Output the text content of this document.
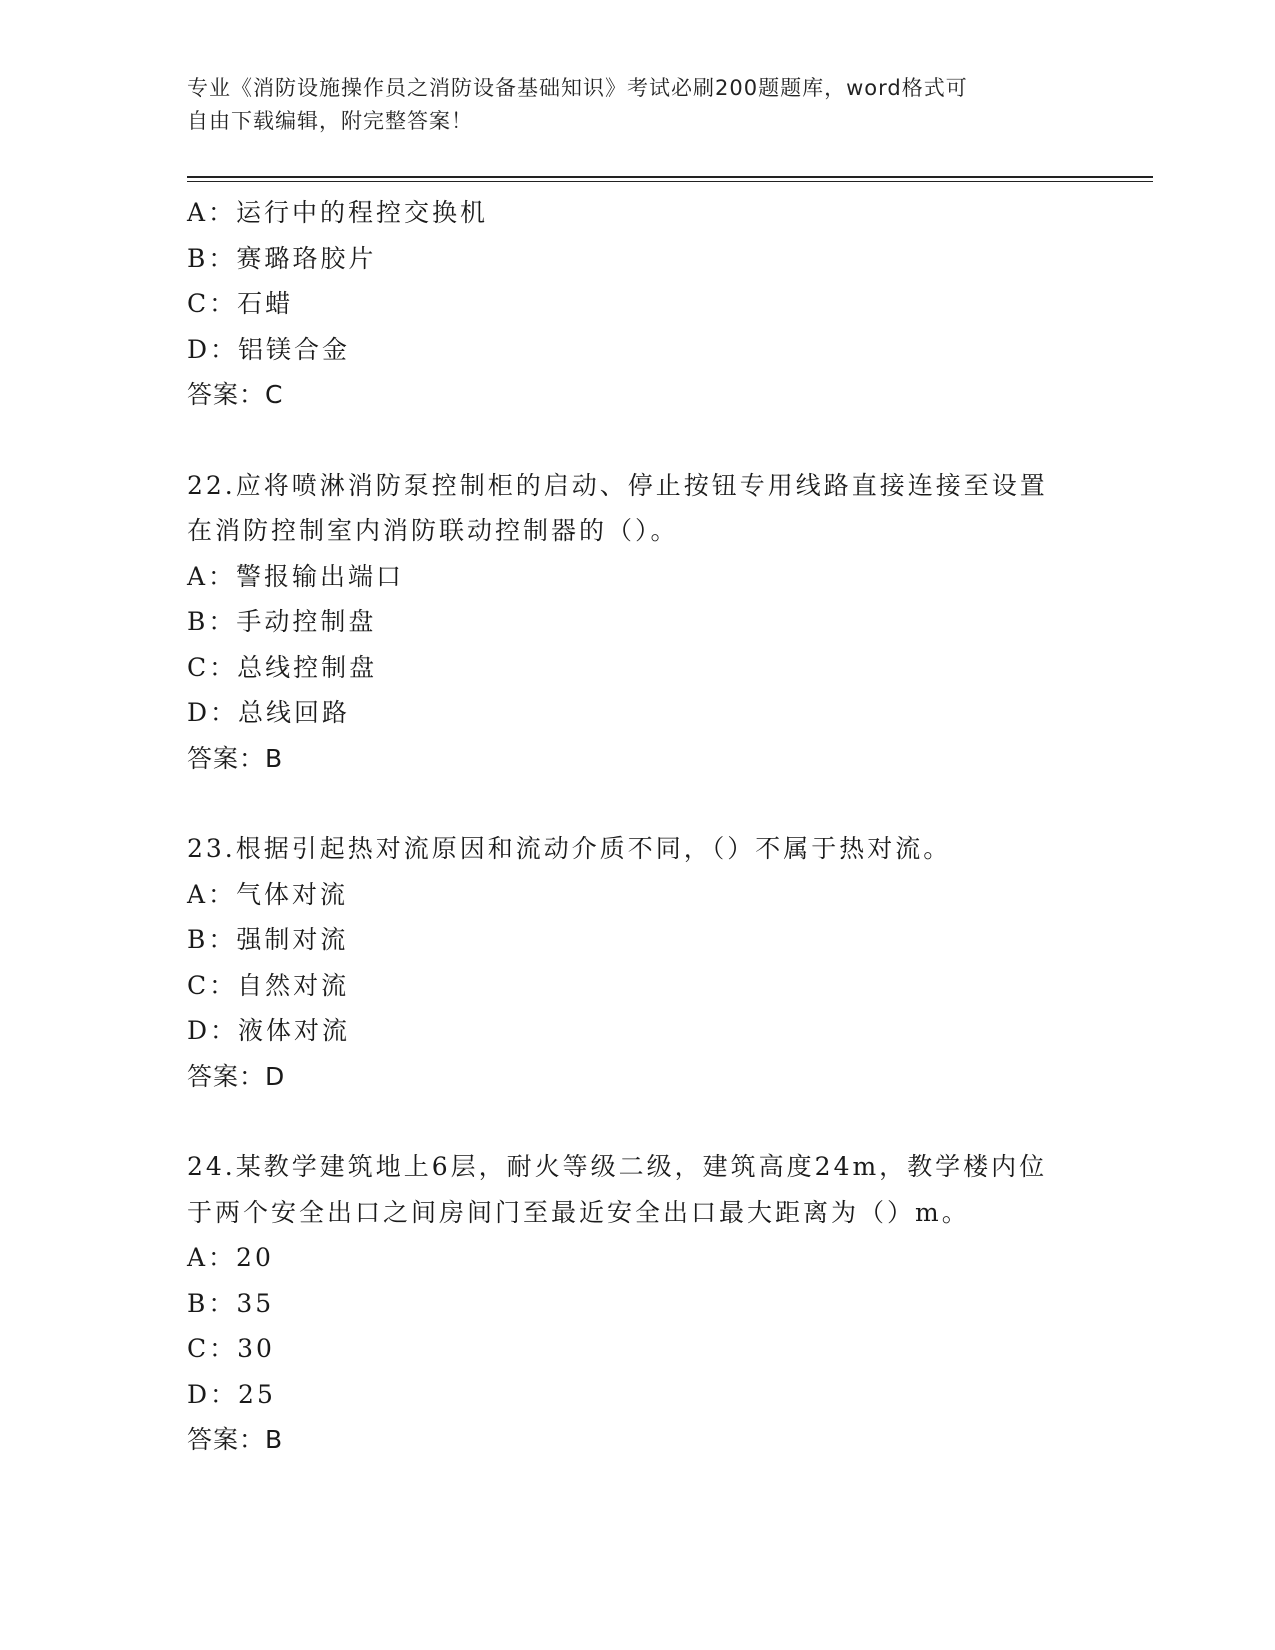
专业《消防设施操作员之消防设备基础知识》考试必刷200题题库，word格式可
自由下载编辑，附完整答案！
A：运行中的程控交换机
B：赛璐珞胶片
C：石蜡
D：铝镁合金
答案：C
22.应将喷淋消防泵控制柜的启动、停止按钮专用线路直接连接至设置
在消防控制室内消防联动控制器的（）。
A：警报输出端口
B：手动控制盘
C：总线控制盘
D：总线回路
答案：B
23.根据引起热对流原因和流动介质不同，（）不属于热对流。
A：气体对流
B：强制对流
C：自然对流
D：液体对流
答案：D
24.某教学建筑地上6层，耐火等级二级，建筑高度24m，教学楼内位
于两个安全出口之间房间门至最近安全出口最大距离为（）m。
A：20
B：35
C：30
D：25
答案：B
